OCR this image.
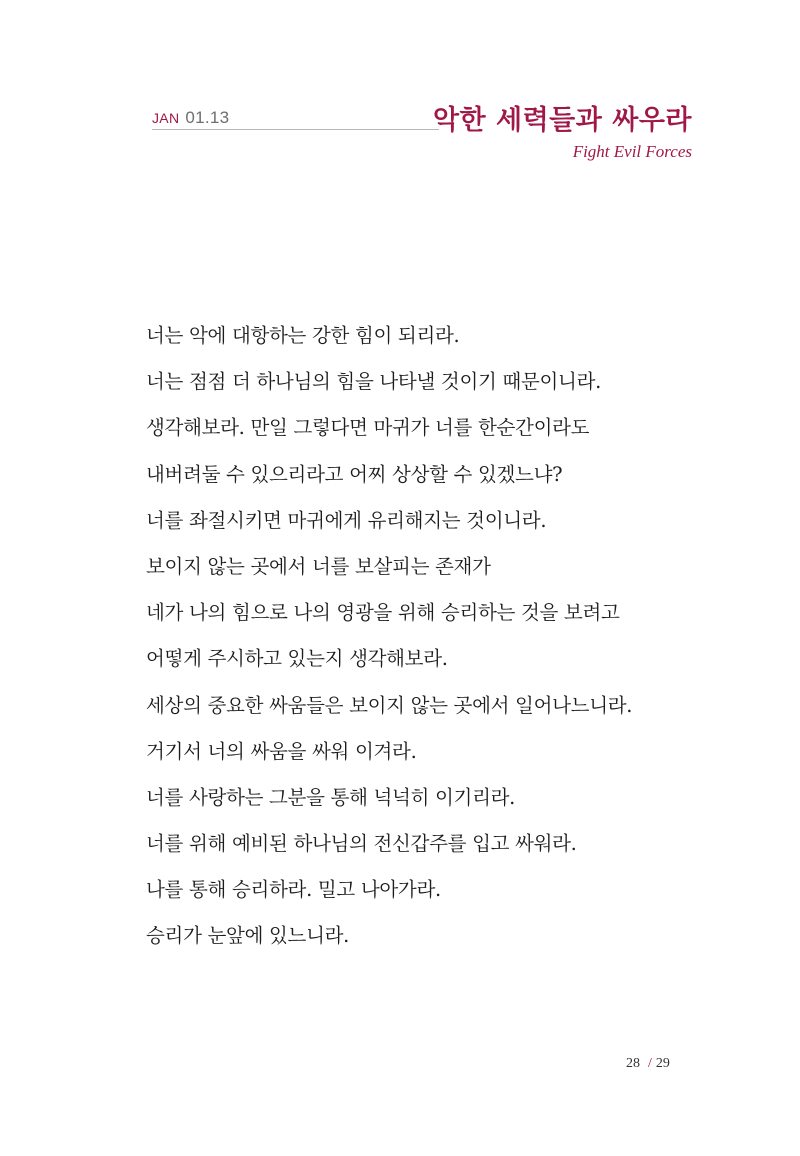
JAN 01.13	악한 세력들과 싸우라
Fight Evil Forces
너는 악에 대항하는 강한 힘이 되리라.
너는 점점 더 하나님의 힘을 나타낼 것이기 때문이니라.
생각해보라. 만일 그렇다면 마귀가 너를 한순간이라도
내버려둘 수 있으리라고 어찌 상상할 수 있겠느냐?
너를 좌절시키면 마귀에게 유리해지는 것이니라.
보이지 않는 곳에서 너를 보살피는 존재가
네가 나의 힘으로 나의 영광을 위해 승리하는 것을 보려고
어떻게 주시하고 있는지 생각해보라.
세상의 중요한 싸움들은 보이지 않는 곳에서 일어나느니라.
거기서 너의 싸움을 싸워 이겨라.
너를 사랑하는 그분을 통해 넉넉히 이기리라.
너를 위해 예비된 하나님의 전신갑주를 입고 싸워라.
나를 통해 승리하라. 밀고 나아가라.
승리가 눈앞에 있느니라.
28 / 29
